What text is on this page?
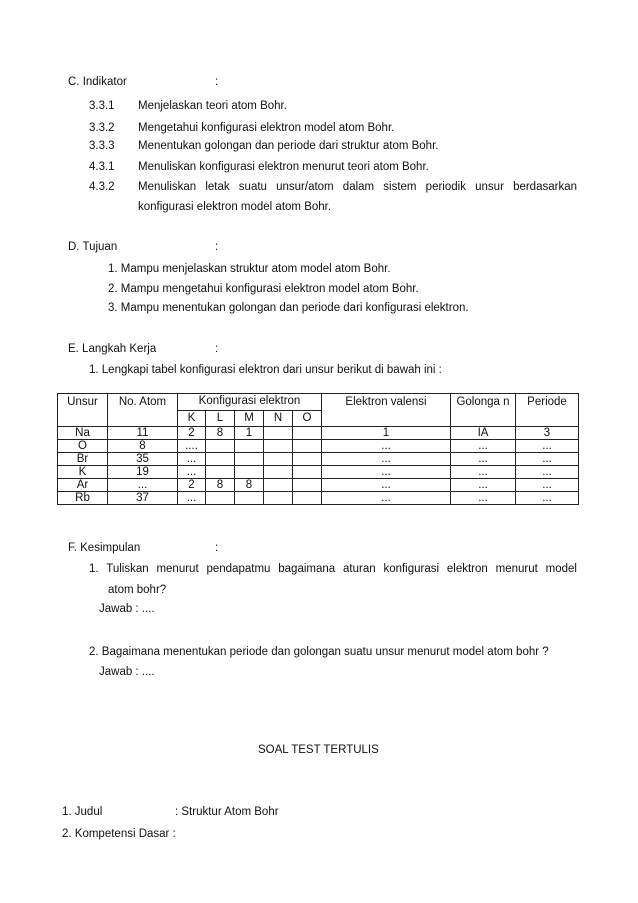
C. Indikator	:
3.3.1 Menjelaskan teori atom Bohr.
3.3.2 Mengetahui konfigurasi elektron model atom Bohr.
3.3.3 Menentukan golongan dan periode dari struktur atom Bohr.
4.3.1 Menuliskan konfigurasi elektron menurut teori atom Bohr.
4.3.2 Menuliskan letak suatu unsur/atom dalam sistem periodik unsur berdasarkan
konfigurasi elektron model atom Bohr.
D. Tujuan	:
1. Mampu menjelaskan struktur atom model atom Bohr.
2. Mampu mengetahui konfigurasi elektron model atom Bohr.
3. Mampu menentukan golongan dan periode dari konfigurasi elektron.
E. Langkah Kerja	:
1. Lengkapi tabel konfigurasi elektron dari unsur berikut di bawah ini :
Unsur	No. Atom	Konfigurasi elektron					Elektron valensi	Golonga n	Periode
		K	L	M	N	O			
Na	11	2	8	1			1	IA	3
O	8	....					...	...	...
Br	35	...					...	...	...
K	19	...					...	...	...
Ar	...	2	8	8			...	...	...
Rb	37	...					...	...	...
F. Kesimpulan	:
1. Tuliskan menurut pendapatmu bagaimana aturan konfigurasi elektron menurut model
atom bohr?
Jawab : ....
2. Bagaimana menentukan periode dan golongan suatu unsur menurut model atom bohr ?
Jawab : ....
SOAL TEST TERTULIS
1. Judul	: Struktur Atom Bohr
2. Kompetensi Dasar :
